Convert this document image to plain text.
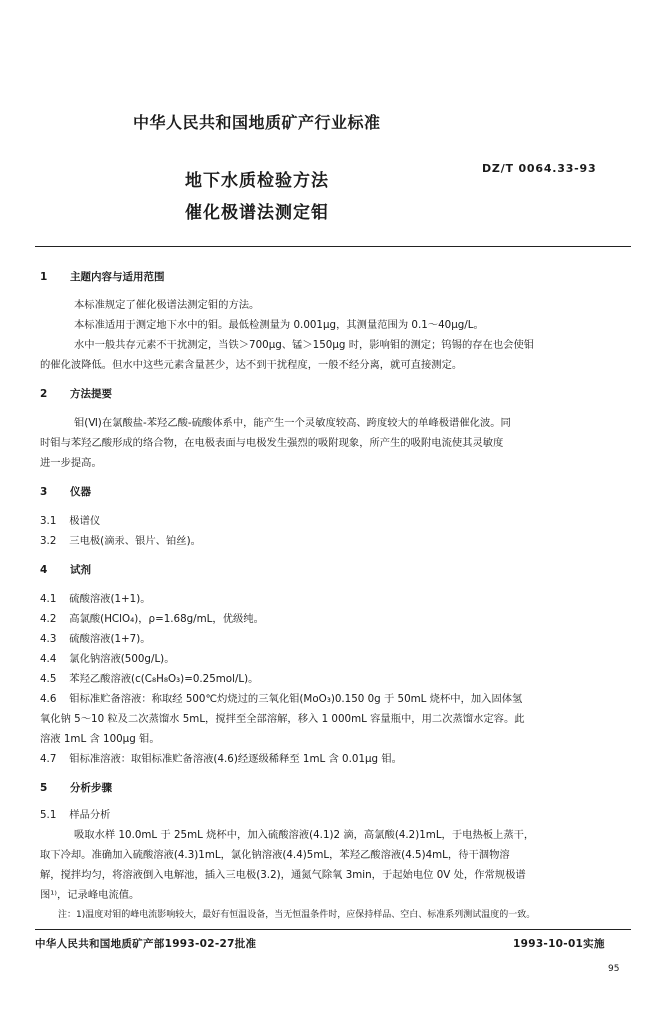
中华人民共和国地质矿产行业标准
DZ/T 0064.33-93
地下水质检验方法
催化极谱法测定钼
1 主题内容与适用范围
本标准规定了催化极谱法测定钼的方法。
本标准适用于测定地下水中的钼。最低检测量为 0.001μg，其测量范围为 0.1～40μg/L。
水中一般共存元素不干扰测定，当铁＞700μg、锰＞150μg 时，影响钼的测定；钨锡的存在也会使钼
的催化波降低。但水中这些元素含量甚少，达不到干扰程度，一般不经分离，就可直接测定。
2 方法提要
钼(Ⅵ)在氯酸盐-苯羟乙酸-硫酸体系中，能产生一个灵敏度较高、跨度较大的单峰极谱催化波。同
时钼与苯羟乙酸形成的络合物，在电极表面与电极发生强烈的吸附现象，所产生的吸附电流使其灵敏度
进一步提高。
3 仪器
3.1 极谱仪
3.2 三电极(滴汞、银片、铂丝)。
4 试剂
4.1 硫酸溶液(1+1)。
4.2 高氯酸(HClO₄)，ρ=1.68g/mL，优级纯。
4.3 硫酸溶液(1+7)。
4.4 氯化钠溶液(500g/L)。
4.5 苯羟乙酸溶液(c(C₈H₈O₃)=0.25mol/L)。
4.6 钼标准贮备溶液：称取经 500℃灼烧过的三氧化钼(MoO₃)0.150 0g 于 50mL 烧杯中，加入固体氢
氧化钠 5～10 粒及二次蒸馏水 5mL，搅拌至全部溶解，移入 1 000mL 容量瓶中，用二次蒸馏水定容。此
溶液 1mL 含 100μg 钼。
4.7 钼标准溶液：取钼标准贮备溶液(4.6)经逐级稀释至 1mL 含 0.01μg 钼。
5 分析步骤
5.1 样品分析
吸取水样 10.0mL 于 25mL 烧杯中，加入硫酸溶液(4.1)2 滴，高氯酸(4.2)1mL，于电热板上蒸干，
取下冷却。准确加入硫酸溶液(4.3)1mL，氯化钠溶液(4.4)5mL，苯羟乙酸溶液(4.5)4mL，待干涸物溶
解，搅拌均匀，将溶液倒入电解池，插入三电极(3.2)，通氮气除氧 3min，于起始电位 0V 处，作常规极谱
图¹⁾，记录峰电流值。
注：1)温度对钼的峰电流影响较大，最好有恒温设备，当无恒温条件时，应保持样品、空白、标准系列测试温度的一致。
中华人民共和国地质矿产部1993-02-27批准	1993-10-01实施
95
